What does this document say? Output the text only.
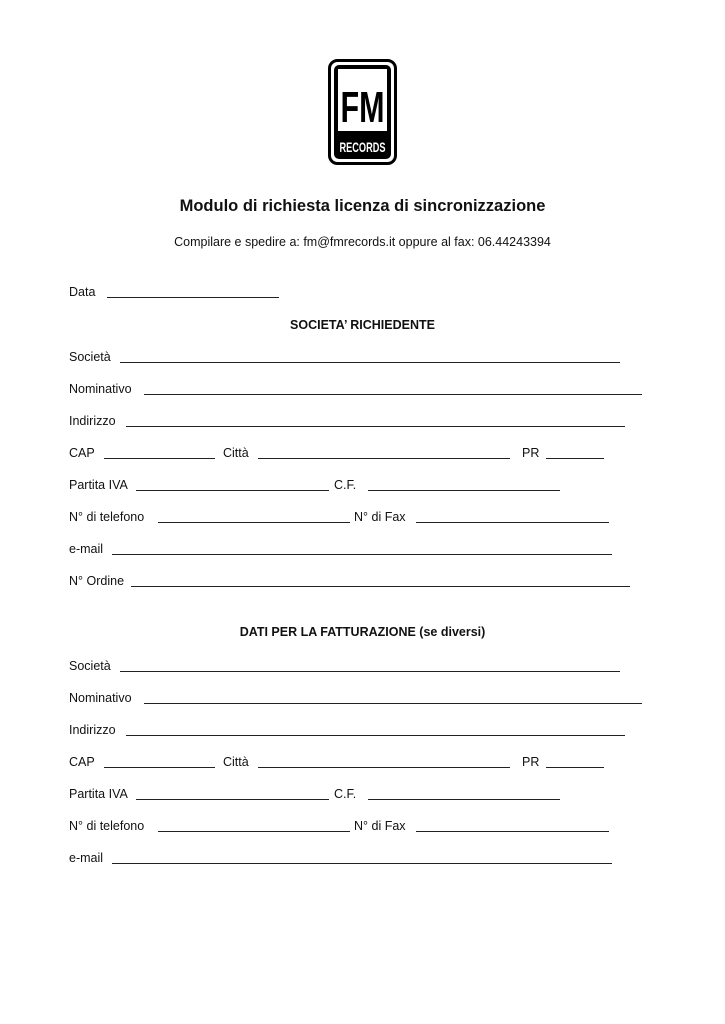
FM
RECORDS
Modulo di richiesta licenza di sincronizzazione
Compilare e spedire a: fm@fmrecords.it oppure al fax: 06.44243394
Data
SOCIETA’ RICHIEDENTE
Società
Nominativo
Indirizzo
CAP	Città	PR
Partita IVA	C.F.
N° di telefono	N° di Fax
e-mail
N° Ordine
DATI PER LA FATTURAZIONE (se diversi)
Società
Nominativo
Indirizzo
CAP	Città	PR
Partita IVA	C.F.
N° di telefono	N° di Fax
e-mail
